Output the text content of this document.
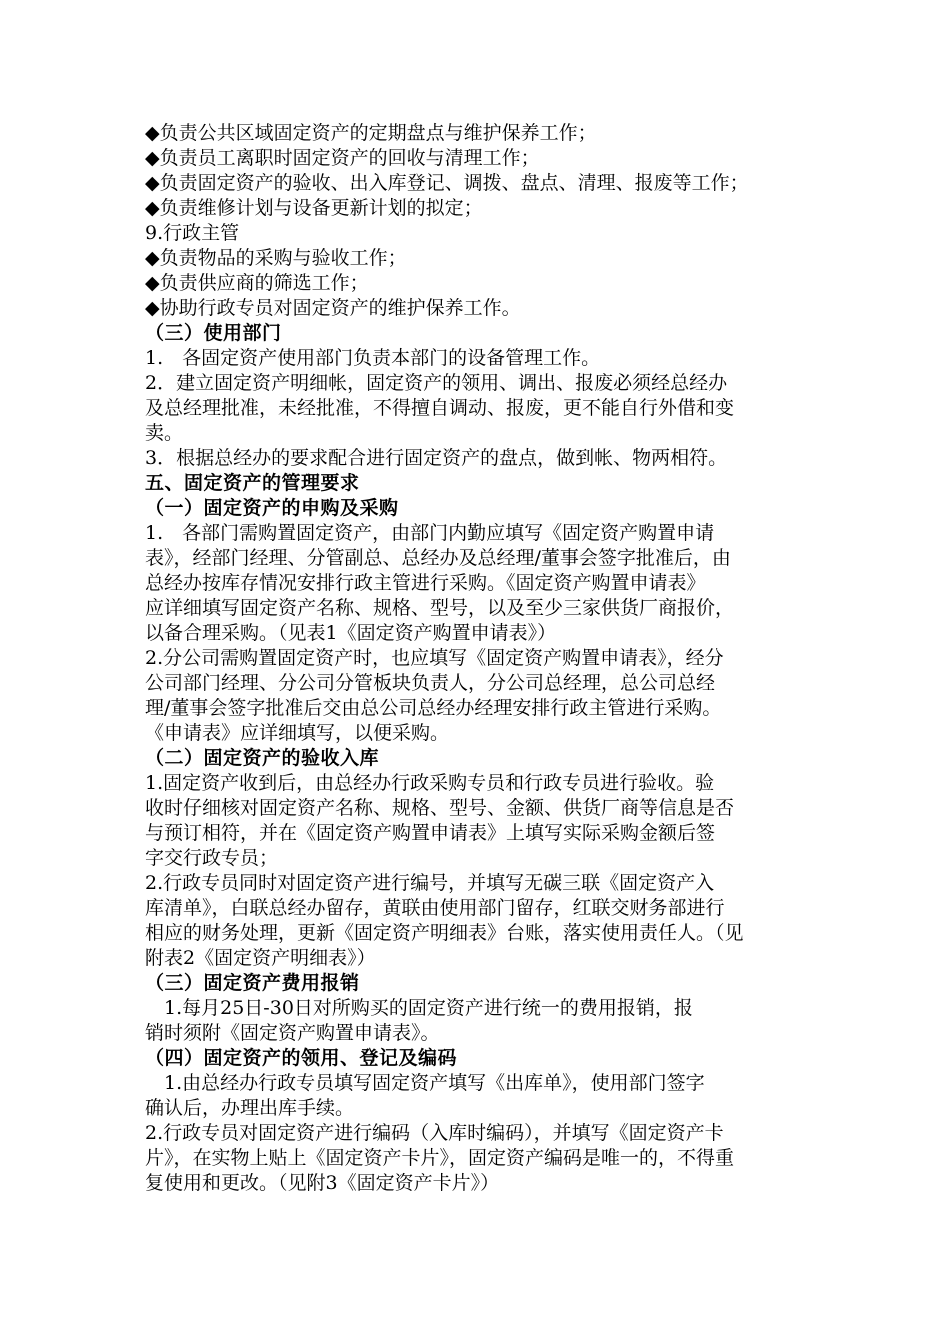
◆负责公共区域固定资产的定期盘点与维护保养工作；
◆负责员工离职时固定资产的回收与清理工作；
◆负责固定资产的验收、出入库登记、调拨、盘点、清理、报废等工作；
◆负责维修计划与设备更新计划的拟定；
9.行政主管
◆负责物品的采购与验收工作；
◆负责供应商的筛选工作；
◆协助行政专员对固定资产的维护保养工作。
（三）使用部门
1.　各固定资产使用部门负责本部门的设备管理工作。
2．建立固定资产明细帐，固定资产的领用、调出、报废必须经总经办
及总经理批准，未经批准，不得擅自调动、报废，更不能自行外借和变
卖。
3．根据总经办的要求配合进行固定资产的盘点，做到帐、物两相符。
五、固定资产的管理要求
（一）固定资产的申购及采购
1.　各部门需购置固定资产，由部门内勤应填写《固定资产购置申请
表》，经部门经理、分管副总、总经办及总经理/董事会签字批准后，由
总经办按库存情况安排行政主管进行采购。《固定资产购置申请表》
应详细填写固定资产名称、规格、型号，以及至少三家供货厂商报价，
以备合理采购。（见表1《固定资产购置申请表》）
2.分公司需购置固定资产时，也应填写《固定资产购置申请表》，经分
公司部门经理、分公司分管板块负责人，分公司总经理，总公司总经
理/董事会签字批准后交由总公司总经办经理安排行政主管进行采购。
《申请表》应详细填写，以便采购。
（二）固定资产的验收入库
1.固定资产收到后，由总经办行政采购专员和行政专员进行验收。验
收时仔细核对固定资产名称、规格、型号、金额、供货厂商等信息是否
与预订相符，并在《固定资产购置申请表》上填写实际采购金额后签
字交行政专员；
2.行政专员同时对固定资产进行编号，并填写无碳三联《固定资产入
库清单》，白联总经办留存，黄联由使用部门留存，红联交财务部进行
相应的财务处理，更新《固定资产明细表》台账，落实使用责任人。（见
附表2《固定资产明细表》）
（三）固定资产费用报销
　1.每月25日-30日对所购买的固定资产进行统一的费用报销，报
销时须附《固定资产购置申请表》。
（四）固定资产的领用、登记及编码
　1.由总经办行政专员填写固定资产填写《出库单》，使用部门签字
确认后，办理出库手续。
2.行政专员对固定资产进行编码（入库时编码），并填写《固定资产卡
片》，在实物上贴上《固定资产卡片》，固定资产编码是唯一的，不得重
复使用和更改。（见附3《固定资产卡片》）
